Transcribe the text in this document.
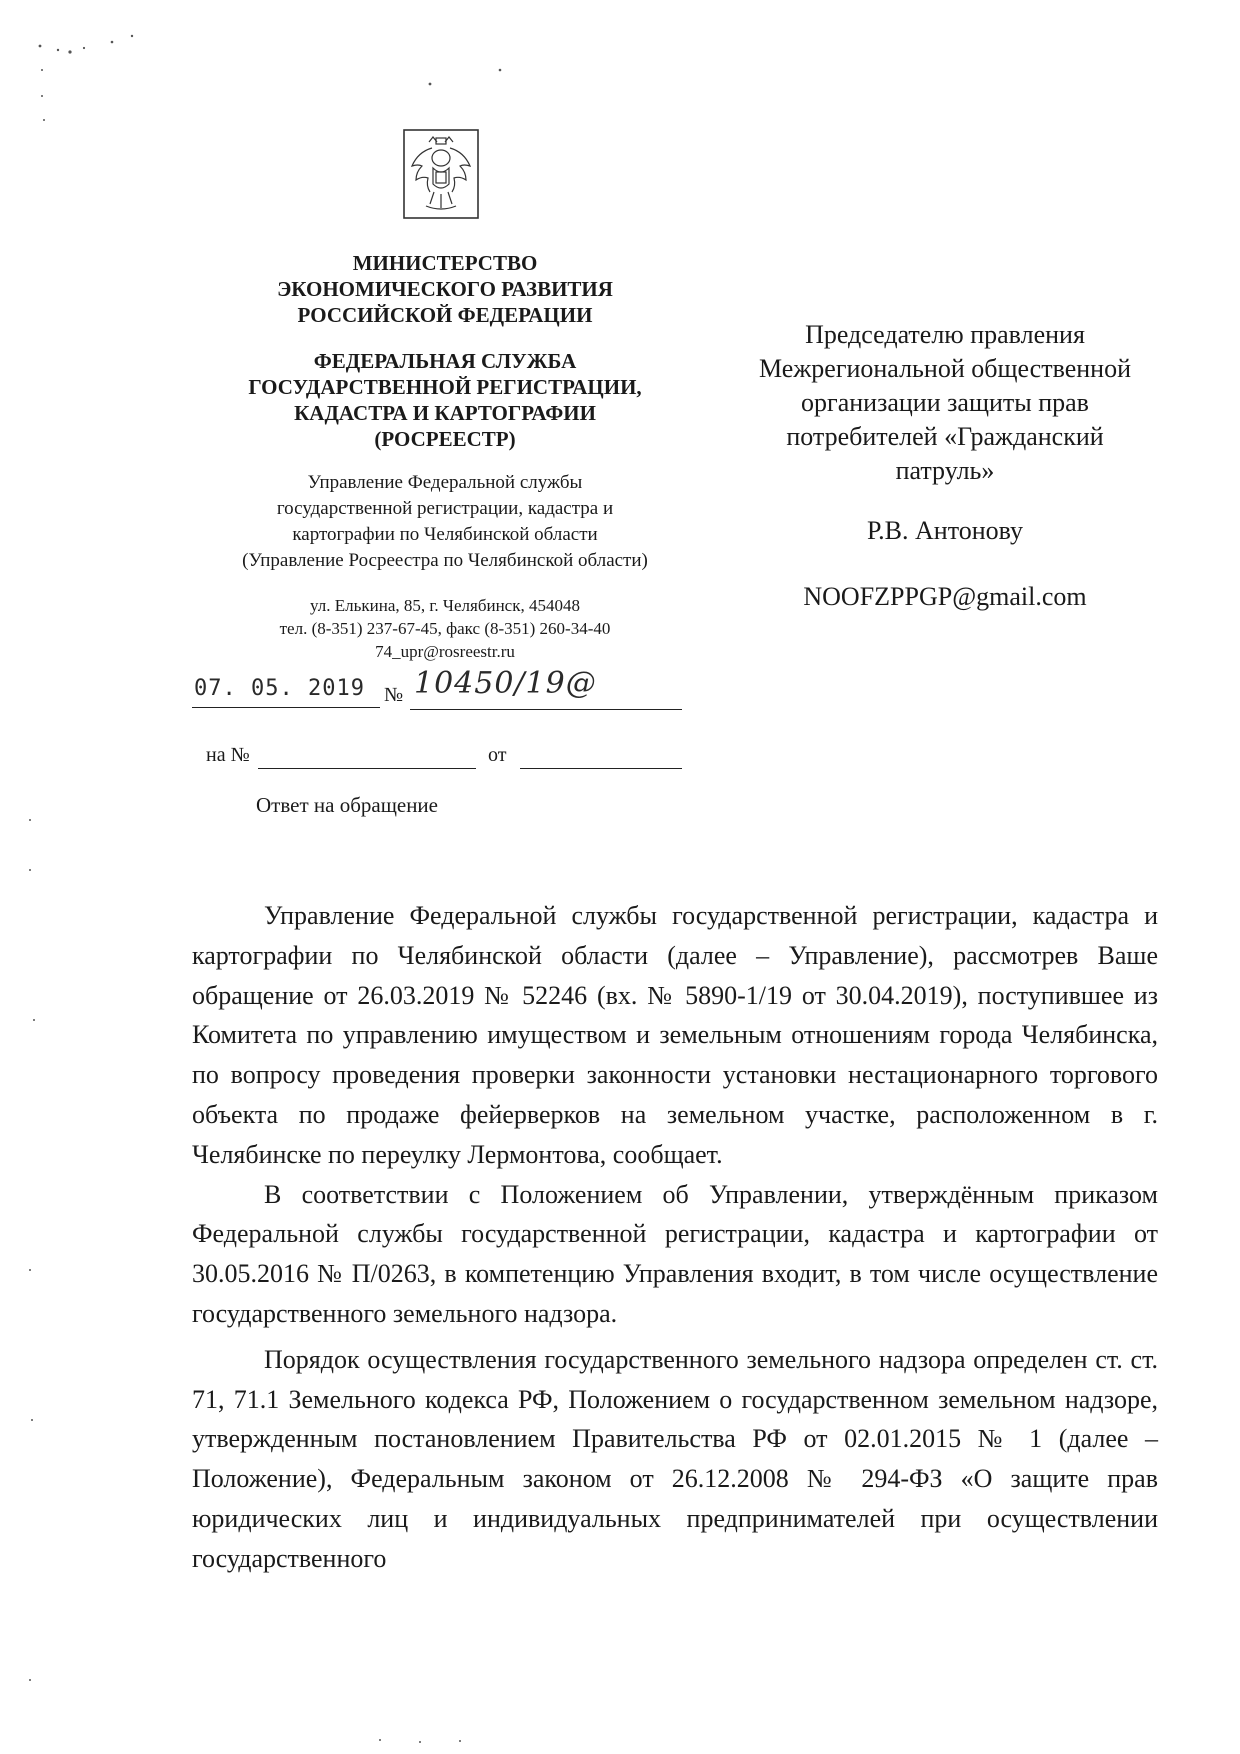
МИНИСТЕРСТВО
ЭКОНОМИЧЕСКОГО РАЗВИТИЯ
РОССИЙСКОЙ ФЕДЕРАЦИИ
ФЕДЕРАЛЬНАЯ СЛУЖБА
ГОСУДАРСТВЕННОЙ РЕГИСТРАЦИИ,
КАДАСТРА И КАРТОГРАФИИ
(РОСРЕЕСТР)
Управление Федеральной службы
государственной регистрации, кадастра и
картографии по Челябинской области
(Управление Росреестра по Челябинской области)
ул. Елькина, 85, г. Челябинск, 454048
тел. (8-351) 237-67-45, факс (8-351) 260-34-40
74_upr@rosreestr.ru
07. 05. 2019 № 10450/19@
на №	от
Ответ на обращение
Председателю правления
Межрегиональной общественной
организации защиты прав
потребителей «Гражданский
патруль»
Р.В. Антонову
NOOFZPPGP@gmail.com

Управление Федеральной службы государственной регистрации, кадастра и картографии по Челябинской области (далее – Управление), рассмотрев Ваше обращение от 26.03.2019 № 52246 (вх. № 5890-1/19 от 30.04.2019), поступившее из Комитета по управлению имуществом и земельным отношениям города Челябинска, по вопросу проведения проверки законности установки нестационарного торгового объекта по продаже фейерверков на земельном участке, расположенном в г. Челябинске по переулку Лермонтова, сообщает.

В соответствии с Положением об Управлении, утверждённым приказом Федеральной службы государственной регистрации, кадастра и картографии от 30.05.2016 № П/0263, в компетенцию Управления входит, в том числе осуществление государственного земельного надзора.

Порядок осуществления государственного земельного надзора определен ст. ст. 71, 71.1 Земельного кодекса РФ, Положением о государственном земельном надзоре, утвержденным постановлением Правительства РФ от 02.01.2015 № 1 (далее – Положение), Федеральным законом от 26.12.2008 № 294-ФЗ «О защите прав юридических лиц и индивидуальных предпринимателей при осуществлении государственного
